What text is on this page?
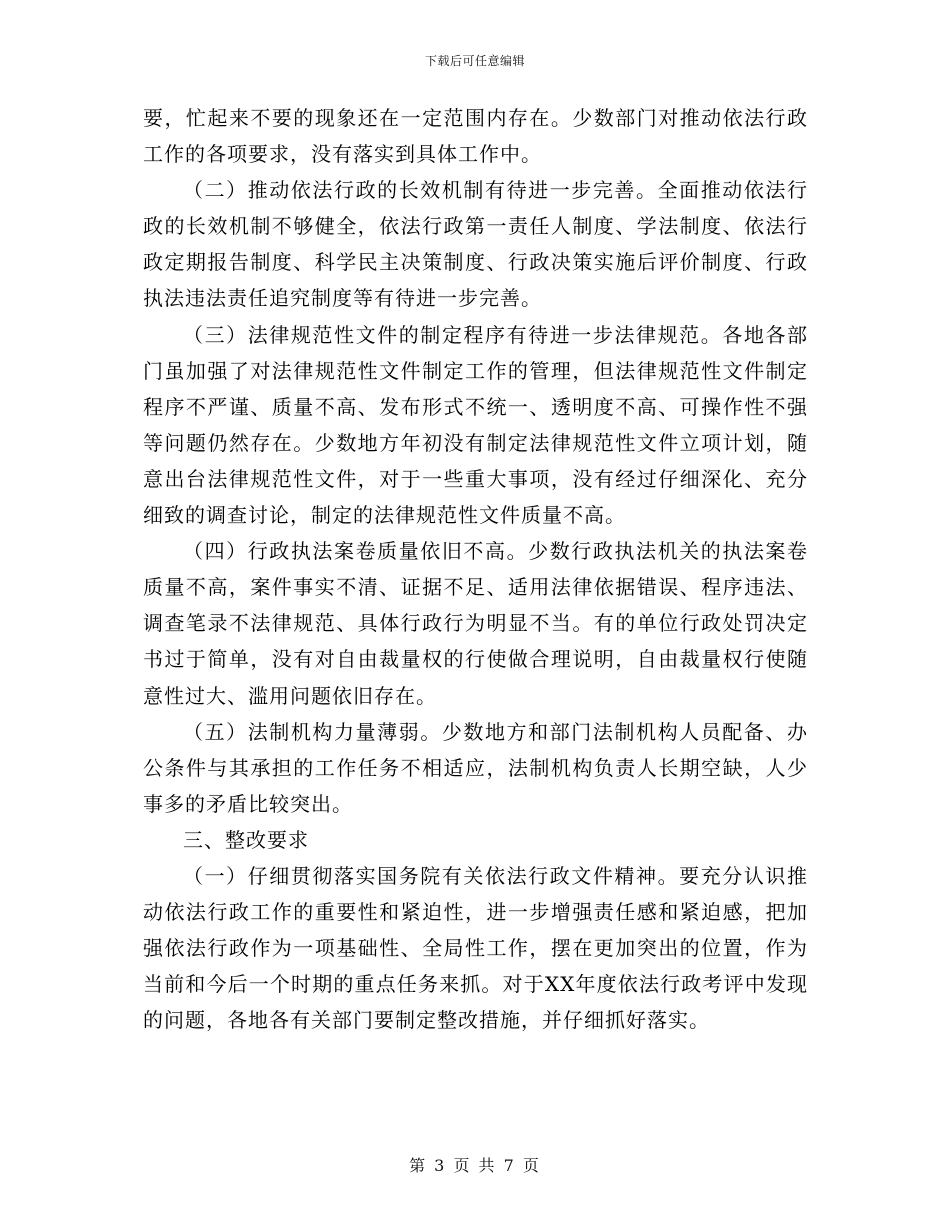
下载后可任意编辑

要，忙起来不要的现象还在一定范围内存在。少数部门对推动依法行政工作的各项要求，没有落实到具体工作中。

（二）推动依法行政的长效机制有待进一步完善。全面推动依法行政的长效机制不够健全，依法行政第一责任人制度、学法制度、依法行政定期报告制度、科学民主决策制度、行政决策实施后评价制度、行政执法违法责任追究制度等有待进一步完善。

（三）法律规范性文件的制定程序有待进一步法律规范。各地各部门虽加强了对法律规范性文件制定工作的管理，但法律规范性文件制定程序不严谨、质量不高、发布形式不统一、透明度不高、可操作性不强等问题仍然存在。少数地方年初没有制定法律规范性文件立项计划，随意出台法律规范性文件，对于一些重大事项，没有经过仔细深化、充分细致的调查讨论，制定的法律规范性文件质量不高。

（四）行政执法案卷质量依旧不高。少数行政执法机关的执法案卷质量不高，案件事实不清、证据不足、适用法律依据错误、程序违法、调查笔录不法律规范、具体行政行为明显不当。有的单位行政处罚决定书过于简单，没有对自由裁量权的行使做合理说明，自由裁量权行使随意性过大、滥用问题依旧存在。

（五）法制机构力量薄弱。少数地方和部门法制机构人员配备、办公条件与其承担的工作任务不相适应，法制机构负责人长期空缺，人少事多的矛盾比较突出。

三、整改要求

（一）仔细贯彻落实国务院有关依法行政文件精神。要充分认识推动依法行政工作的重要性和紧迫性，进一步增强责任感和紧迫感，把加强依法行政作为一项基础性、全局性工作，摆在更加突出的位置，作为当前和今后一个时期的重点任务来抓。对于XX年度依法行政考评中发现的问题，各地各有关部门要制定整改措施，并仔细抓好落实。

第 3 页 共 7 页
